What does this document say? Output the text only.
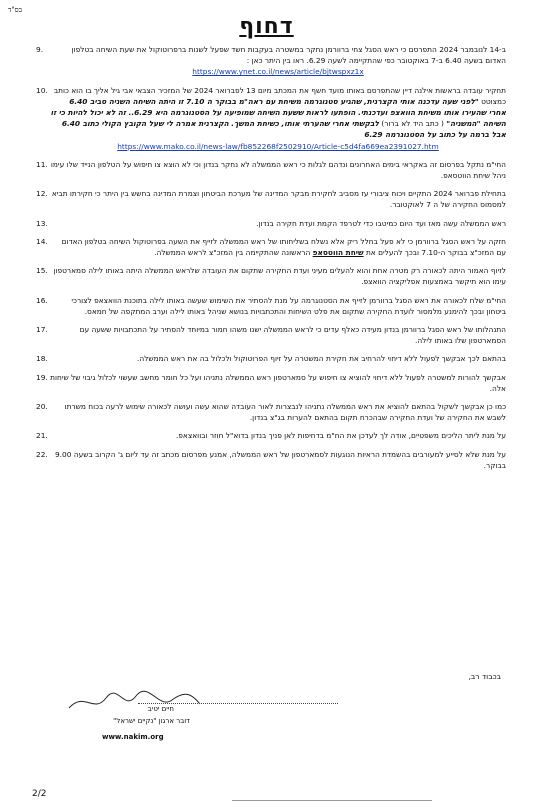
בס"ד
דחוף
9.	ב-14 לנובמבר 2024 התפרסם כי ראש הסגל צחי ברוורמן נחקר במשטרה בעקבות חשד שפעל לשנות ברפרוטוקול את שעת השיחה בטלפון האדום בשעה 6.40 ב-7 באוקטובר כפי שהתקיימה לשעה 6.29. ראו בין היתר כאן :
https://www.ynet.co.il/news/article/bjtwspxz1x
10. תחקיר עובדה בראשות אילנה דיין שהתפרסם באותו מועד חשף את המכתב מיום 13 לפברואר 2024 של המזכיר הצבאי אבי גיל אליך בו הוא כותב כמצוטט "לפני שעה עדכנה אותי הקצרנית, שהגיע סטנוגרמה משיחת עם ראה"מ בבוקר ה 7.10 זו היתה השיחה השניה סביב 6.40 אחרי שהעירו אותו משיחת הוואצפ ועדכנתי. הופתעו לראות ששעת השיחה שמופיעה על הסטנוגרמה היא 6.29.. זה לא יכול להיות כי זו השיחה "המשניה" ( כתב היד לא ברור) לבקשתי אחרי שהערתי אותו, כשיחת המשך. הקצרנית אמרה לי שעל הקובץ הקולי כתוב 6.40 אבל ברמה על כתוב על הסטנוגרמה 6.29
https://www.mako.co.il/news-law/fb852268f2502910/Article-c5d4fa669ea2391027.htm
11. החי"מ נתקל בפרסום זה באקראי בימים האחרונים ונדהם לגלות כי ראש הממשלה לא נחקר בנדון וכי לא הוצא צו חיפוש על הטלפון הנייד שלו עימו ניהל שיחת הווטסאפ.
12. בתחילת פברואר 2024 התקיים ויכוח ציבורי עז מסביב לחקירת מבקר המדינה של מערכת הביטחון וצמרת המדינה בחשש בין היתר כי חקירתו תביא למסמוס החקירה של ה 7 לאוקטובר.
13.	ראש הממשלה עשה מאז ועד היום כמיטבו כדי לטרפד הקמת ועדת חקירה בנדון.
14. חזקה על ראש הסגל ברוורמן כי לא פעל בחלל ריק אלא נשלח בשליחותו של ראש הממשלה לזייף את השעה בפרוטוקול השיחה בטלפון האדום עם המזכ"צ בבוקר ה-7.10 ובכך להעלים את שיחת הווטסאפ הראשונה שהתקיימה בין המזכ"צ לראש הממשלה.
15. לזיוף האמור היתה לכאורה רק מטרה אחת והוא להעלים מעיני ועדת החקירה שתקום את העובדה שלראש הממשלה היתה באותו לילה סמארטפון עימו הוא תיקשר באמצעות אפליקציה הוואצפ.
16.	החי"מ שלח לכאורה את ראש הסגל ברוורמן לזייף את הסטנוגרמה על מנת להסתיר את השימוש שעשה באותו לילה בתוכנת הוואצאפ לצורכי ביטחון ובכך להימנע מלמסור לועדת החקירה שתקום את פלט השיחות והתכתבויות בנושא שניהל באותו לילה וערב המתקפה של חמאס.
17.	התנהלותו של ראש הסגל ברוורמן בנדון מעידה כאלף עדים כי לראש הממשלה ישנו משהו חמור במיוחד להסתיר על התכתבויות ששעה עם הסמארטפון שלו באותו לילה.
18.	בהתאם לכך אבקשך לפעול ללא דיחוי להרחיב את חקירת המשטרה על זיוף הפרוטוקול ולכלול בה את ראש הממשלה.
19. אבקשך להורות למשטרה לפעול ללא דיחוי להוציא צו חיפוש על סמארטפון ראש הממשלה נתניהו ועל כל חומר מחשב שעשוי לכלול גיבוי של שיחות אלה.
20. כמו כן אבקשך לשקול בהתאם להוציא את ראש הממשלה נתניהו לנבצרות לאור העובדה שהוא עשה ועושה לכאורה שימוש לרעה בכוח משרתו לשבש את החקירה של ועדת החקירה שבהכרח תקום בהתאם להערות בג"צ בנדון.
21.	על מנת ליתר הליכים משפטיים, אודה לך לעדכן את הח"מ בדחיפות לאן פניך בנדון בדוא"ל חוזר ובוואצאפ.
22. על מנת שלא לסייע למעורבים בהשמדת הראיות הנוגעות לסמארטפון של ראש הממשלה, אמנע מפרסום מכתב זה עד ליום ג' הקרוב בשעה 9.00 בבוקר.
בכבוד רב,
חיים יטיב
דובר ארגון "נקיים ישראל"
www.nakim.org
2/2
